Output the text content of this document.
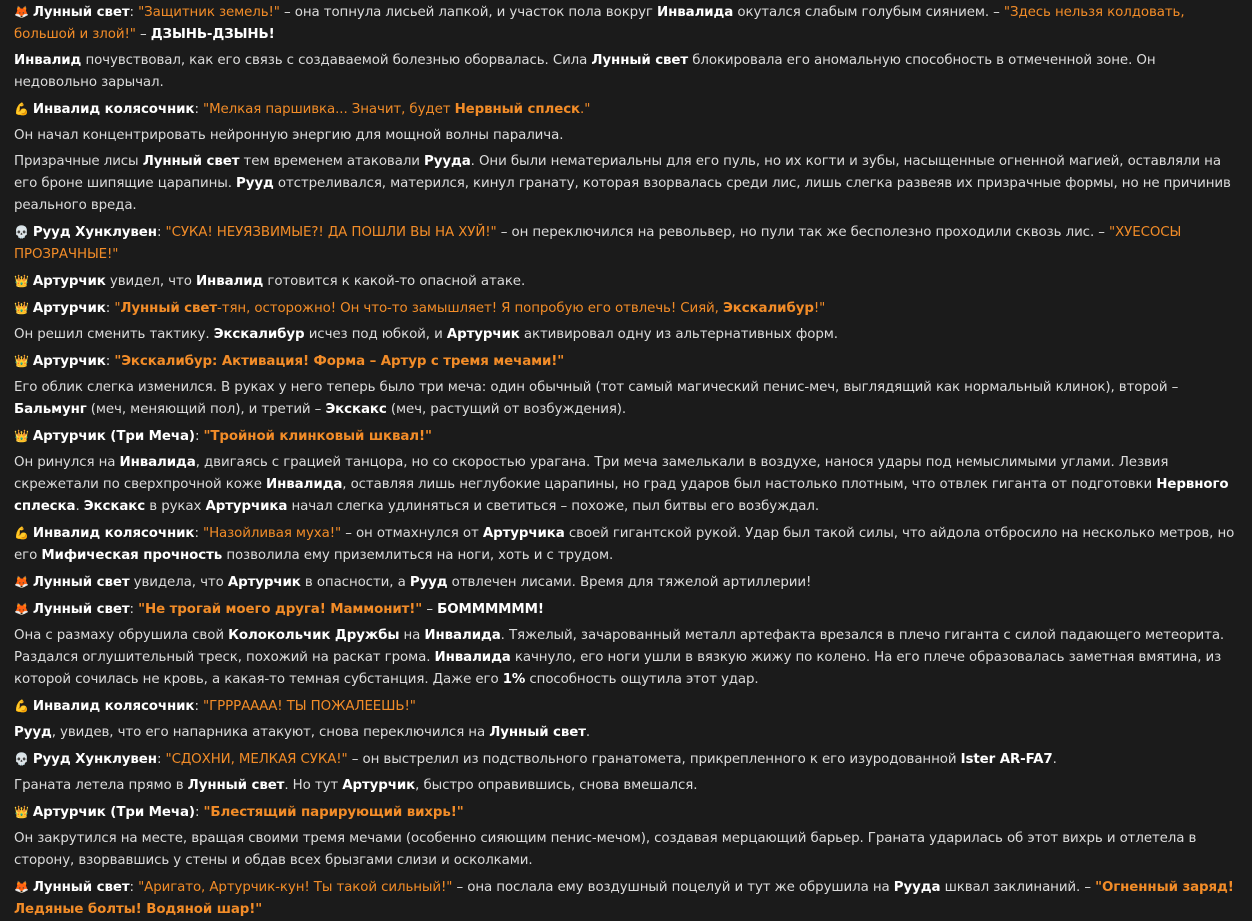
🦊 Лунный свет: "Защитник земель!" – она топнула лисьей лапкой, и участок пола вокруг Инвалида окутался слабым голубым сиянием. – "Здесь нельзя колдовать, большой и злой!" – ДЗЫНЬ-ДЗЫНЬ!
Инвалид почувствовал, как его связь с создаваемой болезнью оборвалась. Сила Лунный свет блокировала его аномальную способность в отмеченной зоне. Он недовольно зарычал.
💪 Инвалид колясочник: "Мелкая паршивка... Значит, будет Нервный сплеск."
Он начал концентрировать нейронную энергию для мощной волны паралича.
Призрачные лисы Лунный свет тем временем атаковали Рууда. Они были нематериальны для его пуль, но их когти и зубы, насыщенные огненной магией, оставляли на его броне шипящие царапины. Рууд отстреливался, матерился, кинул гранату, которая взорвалась среди лис, лишь слегка развеяв их призрачные формы, но не причинив реального вреда.
💀 Рууд Хунклувен: "СУКА! НЕУЯЗВИМЫЕ?! ДА ПОШЛИ ВЫ НА ХУЙ!" – он переключился на револьвер, но пули так же бесполезно проходили сквозь лис. – "ХУЕСОСЫ ПРОЗРАЧНЫЕ!"
👑 Артурчик увидел, что Инвалид готовится к какой-то опасной атаке.
👑 Артурчик: "Лунный свет-тян, осторожно! Он что-то замышляет! Я попробую его отвлечь! Сияй, Экскалибур!"
Он решил сменить тактику. Экскалибур исчез под юбкой, и Артурчик активировал одну из альтернативных форм.
👑 Артурчик: "Экскалибур: Активация! Форма – Артур с тремя мечами!"
Его облик слегка изменился. В руках у него теперь было три меча: один обычный (тот самый магический пенис-меч, выглядящий как нормальный клинок), второй – Бальмунг (меч, меняющий пол), и третий – Экскакс (меч, растущий от возбуждения).
👑 Артурчик (Три Меча): "Тройной клинковый шквал!"
Он ринулся на Инвалида, двигаясь с грацией танцора, но со скоростью урагана. Три меча замелькали в воздухе, нанося удары под немыслимыми углами. Лезвия скрежетали по сверхпрочной коже Инвалида, оставляя лишь неглубокие царапины, но град ударов был настолько плотным, что отвлек гиганта от подготовки Нервного сплеска. Экскакс в руках Артурчика начал слегка удлиняться и светиться – похоже, пыл битвы его возбуждал.
💪 Инвалид колясочник: "Назойливая муха!" – он отмахнулся от Артурчика своей гигантской рукой. Удар был такой силы, что айдола отбросило на несколько метров, но его Мифическая прочность позволила ему приземлиться на ноги, хоть и с трудом.
🦊 Лунный свет увидела, что Артурчик в опасности, а Рууд отвлечен лисами. Время для тяжелой артиллерии!
🦊 Лунный свет: "Не трогай моего друга! Маммонит!" – БОММММММ!
Она с размаху обрушила свой Колокольчик Дружбы на Инвалида. Тяжелый, зачарованный металл артефакта врезался в плечо гиганта с силой падающего метеорита. Раздался оглушительный треск, похожий на раскат грома. Инвалида качнуло, его ноги ушли в вязкую жижу по колено. На его плече образовалась заметная вмятина, из которой сочилась не кровь, а какая-то темная субстанция. Даже его 1% способность ощутила этот удар.
💪 Инвалид колясочник: "ГРРРАААА! ТЫ ПОЖАЛЕЕШЬ!"
Рууд, увидев, что его напарника атакуют, снова переключился на Лунный свет.
💀 Рууд Хунклувен: "СДОХНИ, МЕЛКАЯ СУКА!" – он выстрелил из подствольного гранатомета, прикрепленного к его изуродованной Ister AR-FA7.
Граната летела прямо в Лунный свет. Но тут Артурчик, быстро оправившись, снова вмешался.
👑 Артурчик (Три Меча): "Блестящий парирующий вихрь!"
Он закрутился на месте, вращая своими тремя мечами (особенно сияющим пенис-мечом), создавая мерцающий барьер. Граната ударилась об этот вихрь и отлетела в сторону, взорвавшись у стены и обдав всех брызгами слизи и осколками.
🦊 Лунный свет: "Аригато, Артурчик-кун! Ты такой сильный!" – она послала ему воздушный поцелуй и тут же обрушила на Рууда шквал заклинаний. – "Огненный заряд! Ледяные болты! Водяной шар!"
